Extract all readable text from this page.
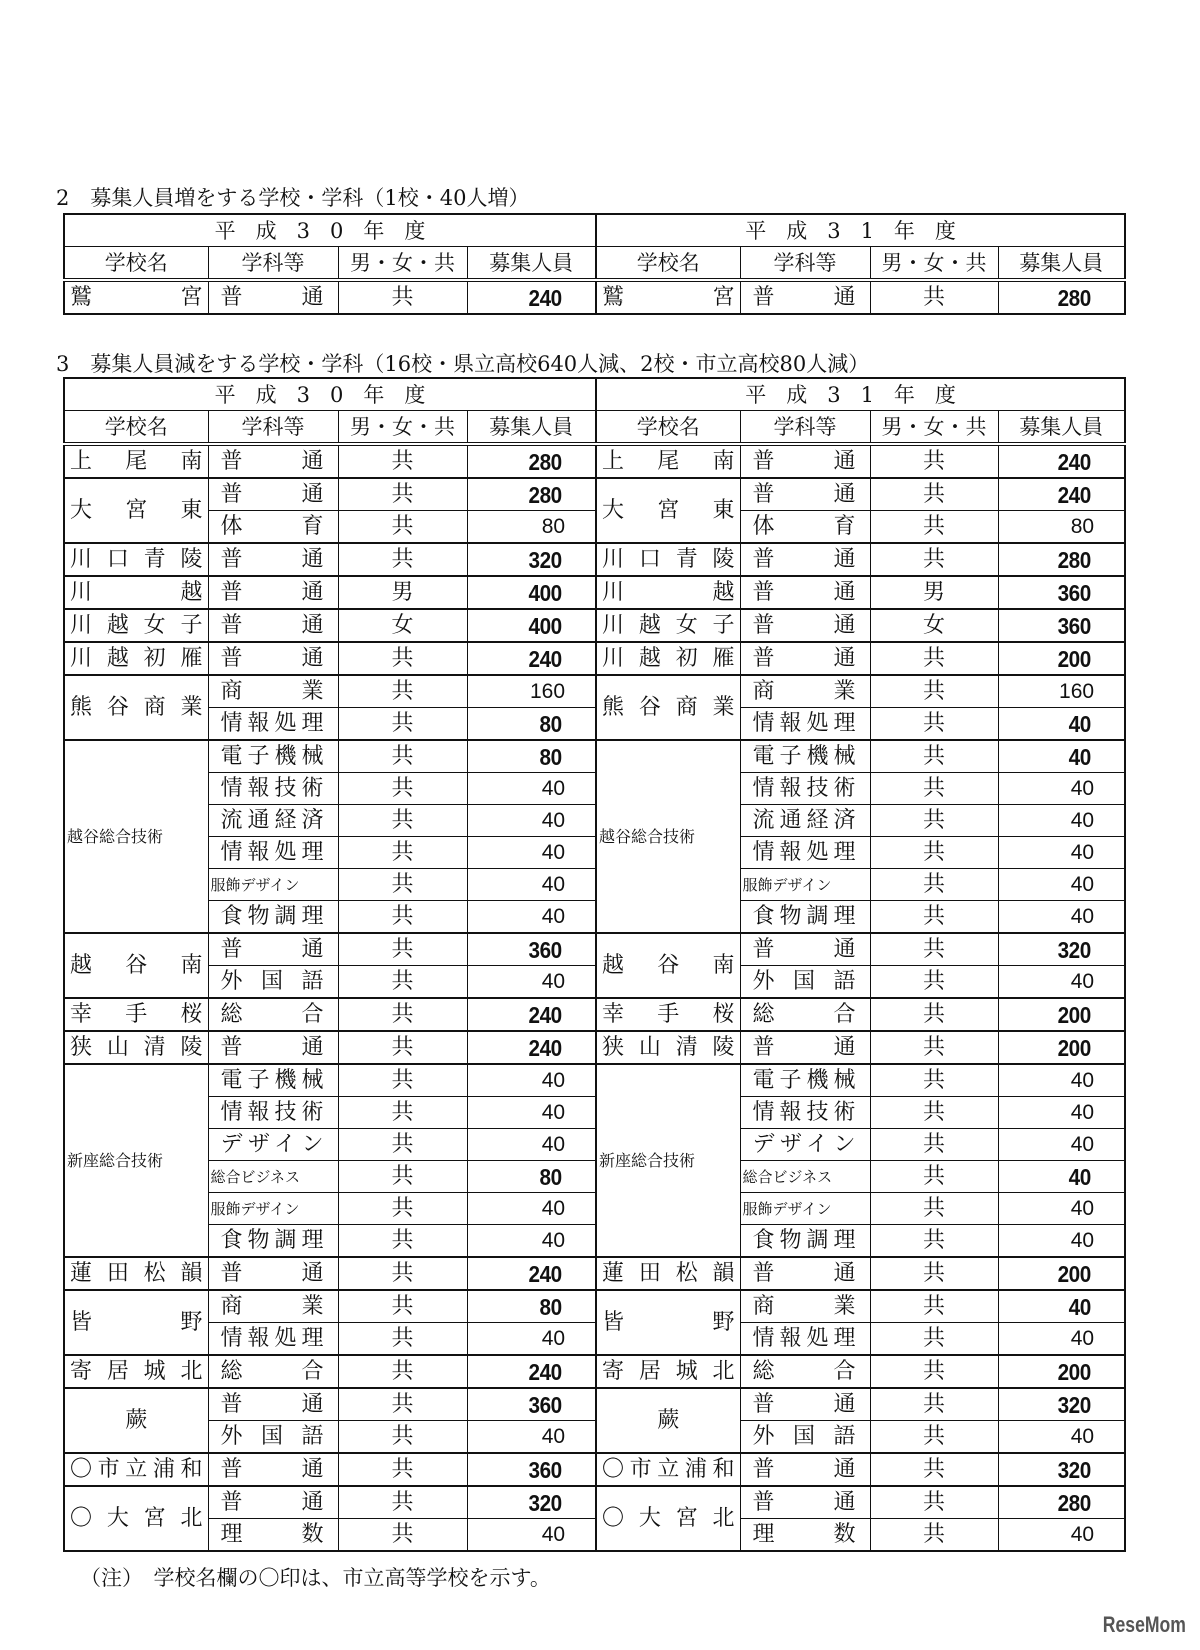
2　募集人員増をする学校・学科（1校・40人増）
平成30年度				平成31年度			
学校名	学科等	男・女・共	募集人員	学校名	学科等	男・女・共	募集人員
鷲　宮	普　通	共	240	鷲　宮	普　通	共	280
3　募集人員減をする学校・学科（16校・県立高校640人減、2校・市立高校80人減）
平成30年度				平成31年度			
学校名	学科等	男・女・共	募集人員	学校名	学科等	男・女・共	募集人員
上尾南	普通	共	280	上尾南	普通	共	240
大宮東	普通	共	280	大宮東	普通	共	240
	体育	共	80		体育	共	80
川口青陵	普通	共	320	川口青陵	普通	共	280
川越	普通	男	400	川越	普通	男	360
川越女子	普通	女	400	川越女子	普通	女	360
川越初雁	普通	共	240	川越初雁	普通	共	200
熊谷商業	商業	共	160	熊谷商業	商業	共	160
	情報処理	共	80		情報処理	共	40
越谷総合技術	電子機械	共	80	越谷総合技術	電子機械	共	40
	情報技術	共	40		情報技術	共	40
	流通経済	共	40		流通経済	共	40
	情報処理	共	40		情報処理	共	40
	服飾デザイン	共	40		服飾デザイン	共	40
	食物調理	共	40		食物調理	共	40
越谷南	普通	共	360	越谷南	普通	共	320
	外国語	共	40		外国語	共	40
幸手桜	総合	共	240	幸手桜	総合	共	200
狭山清陵	普通	共	240	狭山清陵	普通	共	200
新座総合技術	電子機械	共	40	新座総合技術	電子機械	共	40
	情報技術	共	40		情報技術	共	40
	デザイン	共	40		デザイン	共	40
	総合ビジネス	共	80		総合ビジネス	共	40
	服飾デザイン	共	40		服飾デザイン	共	40
	食物調理	共	40		食物調理	共	40
蓮田松韻	普通	共	240	蓮田松韻	普通	共	200
皆野	商業	共	80	皆野	商業	共	40
	情報処理	共	40		情報処理	共	40
寄居城北	総合	共	240	寄居城北	総合	共	200
蕨	普通	共	360	蕨	普通	共	320
	外国語	共	40		外国語	共	40
〇市立浦和	普通	共	360	〇市立浦和	普通	共	320
〇大宮北	普通	共	320	〇大宮北	普通	共	280
	理数	共	40		理数	共	40
（注）　学校名欄の〇印は、市立高等学校を示す。
ReseMom
